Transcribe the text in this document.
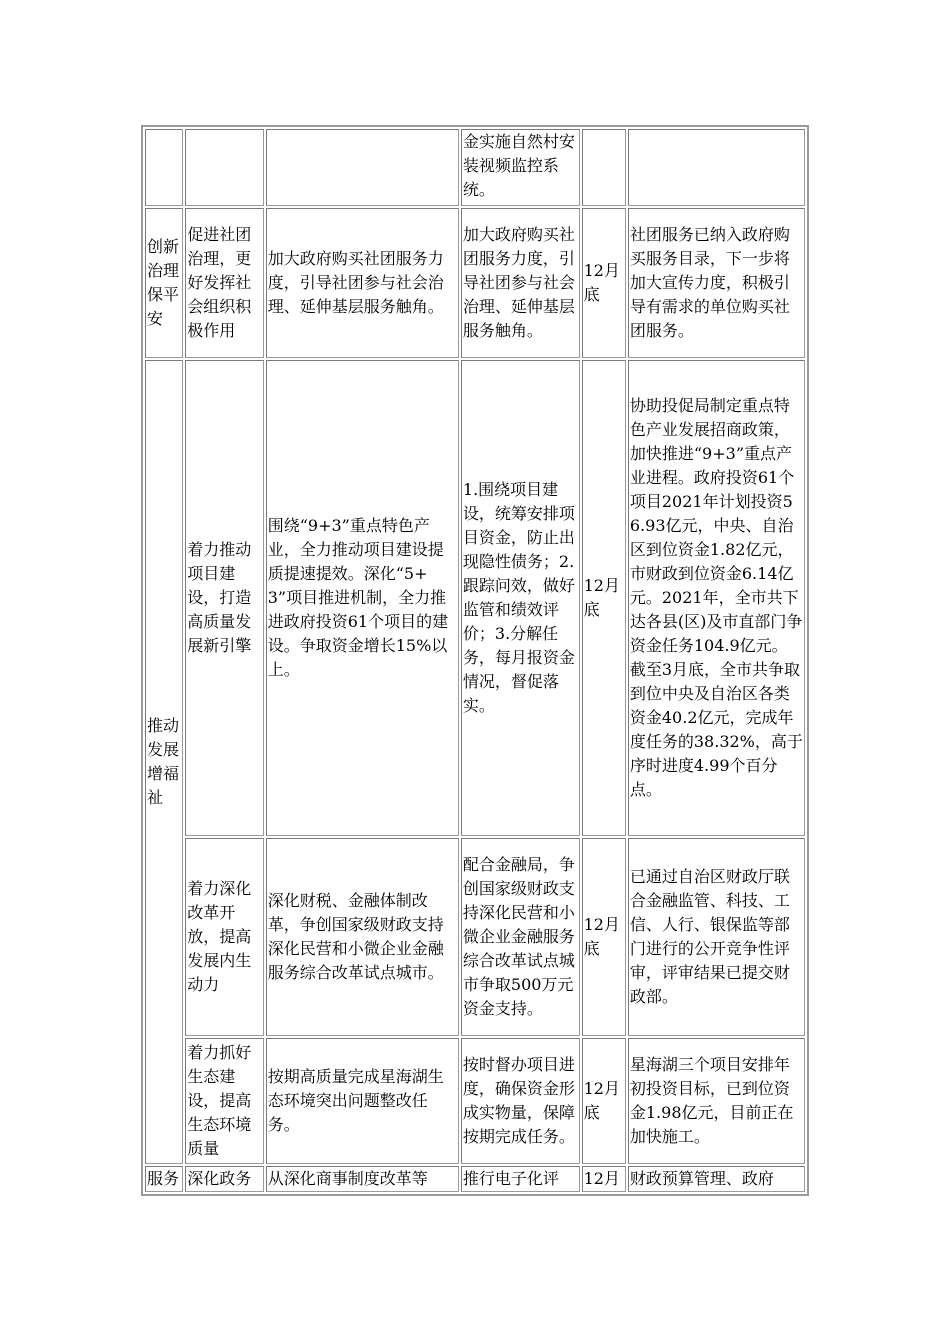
			金实施自然村安装视频监控系统。		
创新治理保平安	促进社团治理，更好发挥社会组织积极作用	加大政府购买社团服务力度，引导社团参与社会治理、延伸基层服务触角。	加大政府购买社团服务力度，引导社团参与社会治理、延伸基层服务触角。	12月底	社团服务已纳入政府购买服务目录，下一步将加大宣传力度，积极引导有需求的单位购买社团服务。
推动发展增福祉	着力推动项目建设，打造高质量发展新引擎	围绕“9+3”重点特色产业，全力推动项目建设提质提速提效。深化“5+3”项目推进机制，全力推进政府投资61个项目的建设。争取资金增长15%以上。	1.围绕项目建设，统筹安排项目资金，防止出现隐性债务；2.跟踪问效，做好监管和绩效评价；3.分解任务，每月报资金情况，督促落实。	12月底	协助投促局制定重点特色产业发展招商政策，加快推进“9+3”重点产业进程。政府投资61个项目2021年计划投资56.93亿元，中央、自治区到位资金1.82亿元，市财政到位资金6.14亿元。2021年，全市共下达各县(区)及市直部门争资金任务104.9亿元。截至3月底，全市共争取到位中央及自治区各类资金40.2亿元，完成年度任务的38.32%，高于序时进度4.99个百分点。
	着力深化改革开放，提高发展内生动力	深化财税、金融体制改革，争创国家级财政支持深化民营和小微企业金融服务综合改革试点城市。	配合金融局，争创国家级财政支持深化民营和小微企业金融服务综合改革试点城市争取500万元资金支持。	12月底	已通过自治区财政厅联合金融监管、科技、工信、人行、银保监等部门进行的公开竞争性评审，评审结果已提交财政部。
	着力抓好生态建设，提高生态环境质量	按期高质量完成星海湖生态环境突出问题整改任务。	按时督办项目进度，确保资金形成实物量，保障按期完成任务。	12月底	星海湖三个项目安排年初投资目标，已到位资金1.98亿元，目前正在加快施工。
服务	深化政务	从深化商事制度改革等	推行电子化评	12月	财政预算管理、政府
